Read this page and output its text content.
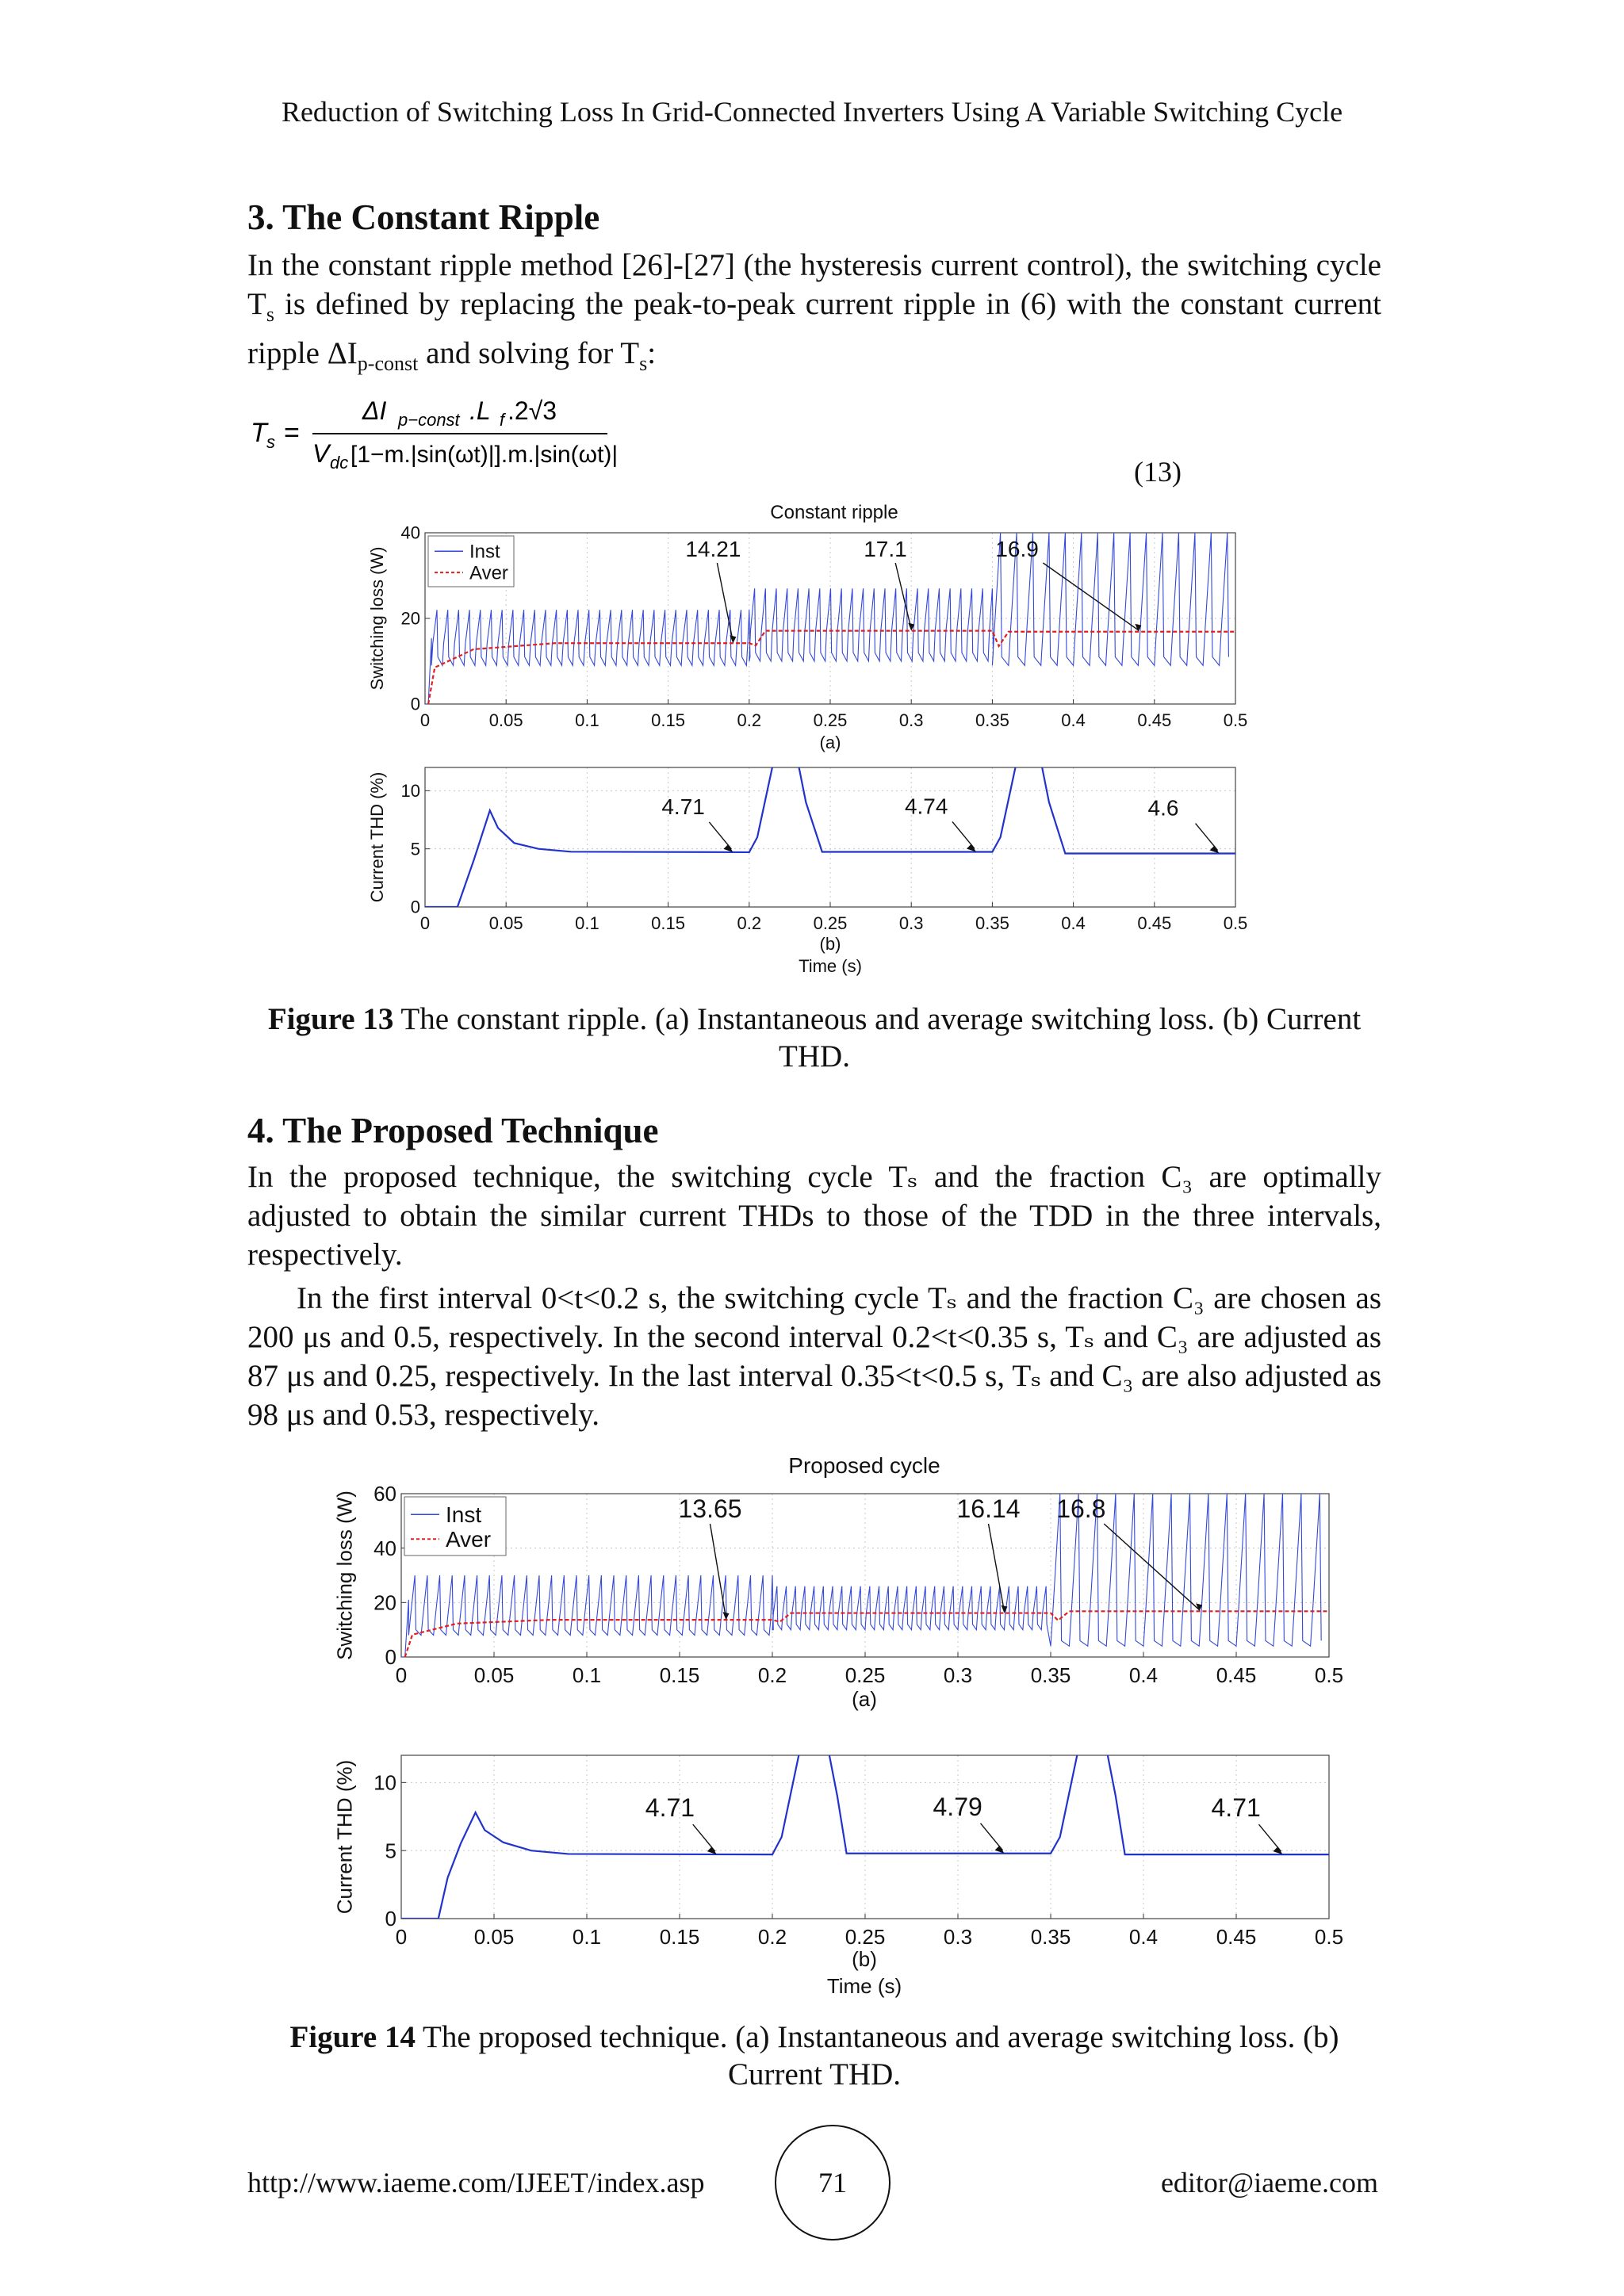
Reduction of Switching Loss In Grid-Connected Inverters Using A Variable Switching Cycle
3. The Constant Ripple
In the constant ripple method [26]-[27] (the hysteresis current control), the switching cycle $T_s$ is defined by replacing the peak-to-peak current ripple in (6) with the constant current ripple $\Delta I_{p-const}$ and solving for $T_s$:
T s =
ΔI p−const .L f .2√3
V dc [1−m.|sin(ωt)|].m.|sin(ωt)|
(13)
Constant ripple
0	0.05	0.1	0.15	0.2	0.25	0.3	0.35	0.4	0.45	0.5
0
20
40
Switching loss (W)	14.21	17.1	16.9
Inst
Aver
(a)
0	0.05	0.1	0.15	0.2	0.25	0.3	0.35	0.4	0.45	0.5
0
5
10
Current THD (%)	4.71	4.74	4.6
(b)
Time (s)
Figure 13 The constant ripple. (a) Instantaneous and average switching loss. (b) Current THD.
4. The Proposed Technique
In the proposed technique, the switching cycle Tₛ and the fraction C₃ are optimally adjusted to obtain the similar current THDs to those of the TDD in the three intervals, respectively.
In the first interval 0<t<0.2 s, the switching cycle Tₛ and the fraction C₃ are chosen as 200 μs and 0.5, respectively. In the second interval 0.2<t<0.35 s, Tₛ and C₃ are adjusted as 87 μs and 0.25, respectively. In the last interval 0.35<t<0.5 s, Tₛ and C₃ are also adjusted as 98 μs and 0.53, respectively.
Proposed cycle
0	0.05	0.1	0.15	0.2	0.25	0.3	0.35	0.4	0.45	0.5
0
20
40
60
Switching loss (W)	13.65	16.14 16.8
Inst
Aver
(a)
0	0.05	0.1	0.15	0.2	0.25	0.3	0.35	0.4	0.45	0.5
0
5
10
Current THD (%)	4.71	4.79	4.71
(b)
Time (s)
Figure 14 The proposed technique. (a) Instantaneous and average switching loss. (b) Current THD.
http://www.iaeme.com/IJEET/index.asp	71	editor@iaeme.com
